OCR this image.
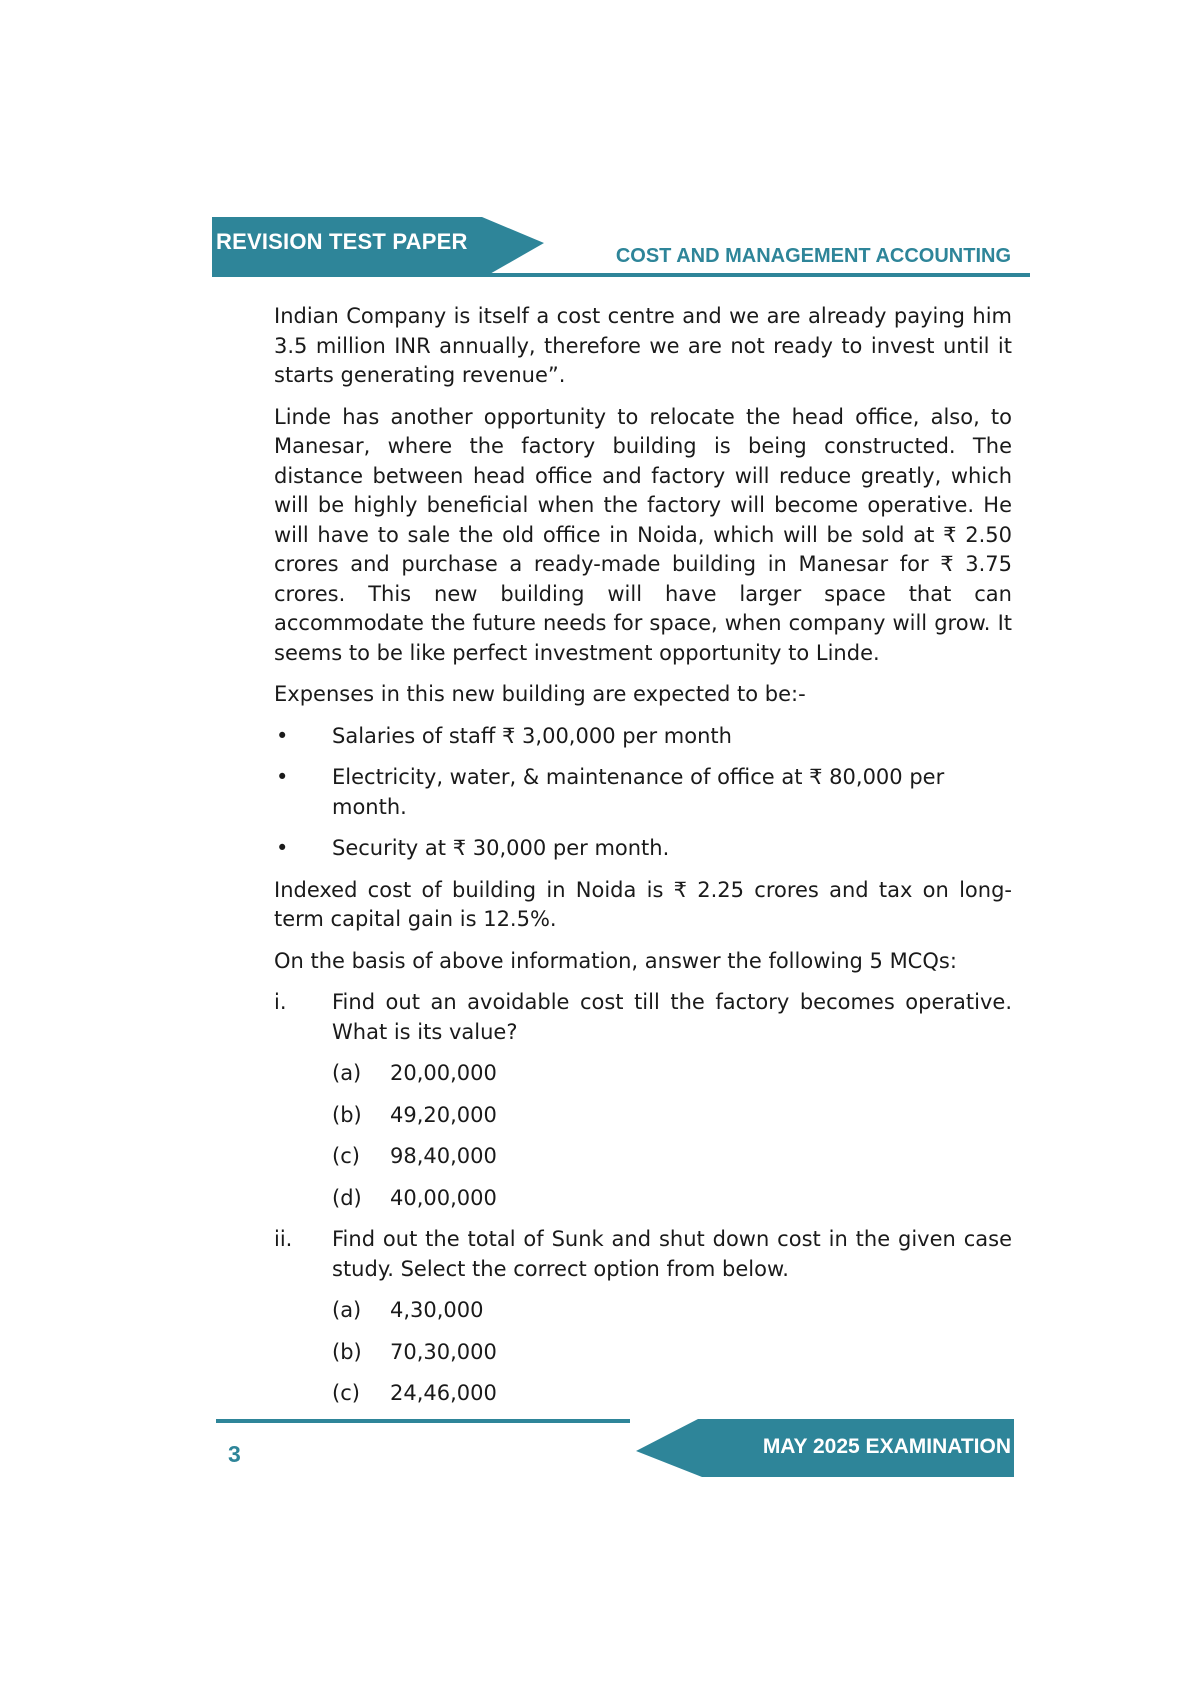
REVISION TEST PAPER
COST AND MANAGEMENT ACCOUNTING

Indian Company is itself a cost centre and we are already paying him 3.5 million INR annually, therefore we are not ready to invest until it starts generating revenue”.

Linde has another opportunity to relocate the head office, also, to Manesar, where the factory building is being constructed. The distance between head office and factory will reduce greatly, which will be highly beneficial when the factory will become operative. He will have to sale the old office in Noida, which will be sold at ₹ 2.50 crores and purchase a ready-made building in Manesar for ₹ 3.75 crores. This new building will have larger space that can accommodate the future needs for space, when company will grow. It seems to be like perfect investment opportunity to Linde.

Expenses in this new building are expected to be:-

•	Salaries of staff ₹ 3,00,000 per month
•	Electricity, water, & maintenance of office at ₹ 80,000 per month.
•	Security at ₹ 30,000 per month.

Indexed cost of building in Noida is ₹ 2.25 crores and tax on long-term capital gain is 12.5%.

On the basis of above information, answer the following 5 MCQs:

i.	Find out an avoidable cost till the factory becomes operative. What is its value?
(a)	20,00,000
(b)	49,20,000
(c)	98,40,000
(d)	40,00,000
ii.	Find out the total of Sunk and shut down cost in the given case study. Select the correct option from below.
(a)	4,30,000
(b)	70,30,000
(c)	24,46,000
MAY 2025 EXAMINATION
3
